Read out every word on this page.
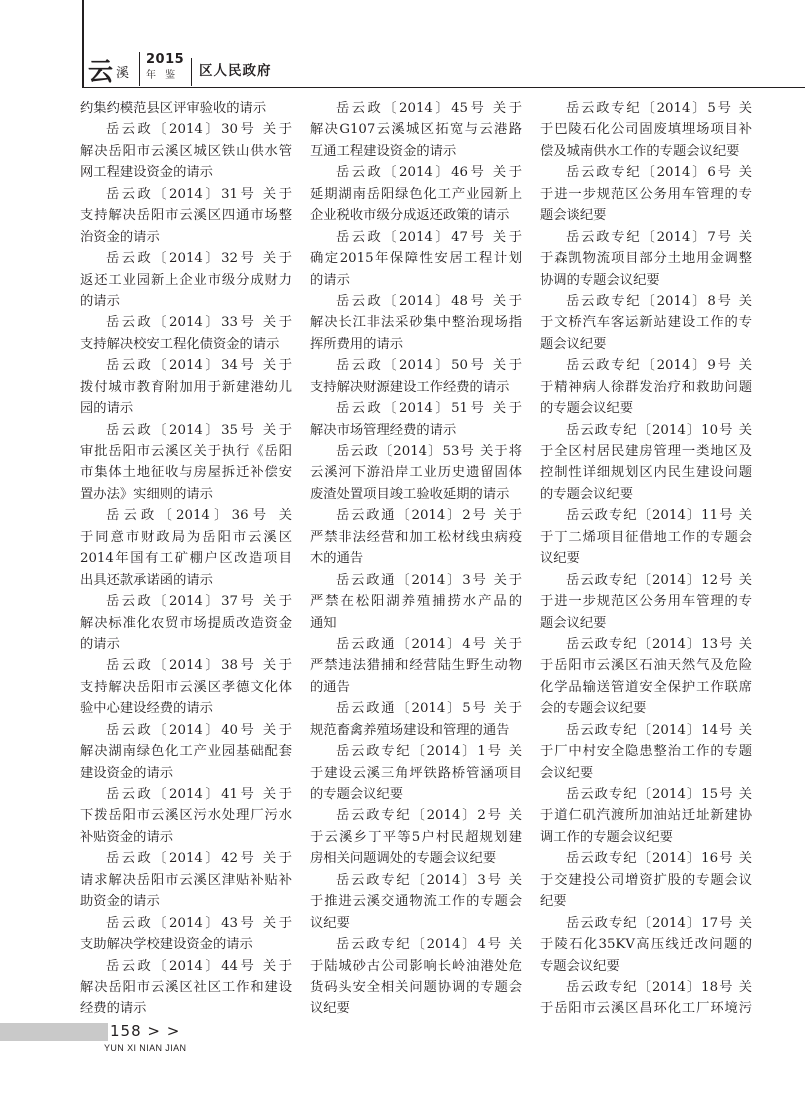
云 溪
2015
年 鉴 区人民政府
约集约模范县区评审验收的请示
岳云政〔2014〕30号 关于
解决岳阳市云溪区城区铁山供水管
网工程建设资金的请示
岳云政〔2014〕31号 关于
支持解决岳阳市云溪区四通市场整
治资金的请示
岳云政〔2014〕32号 关于
返还工业园新上企业市级分成财力
的请示
岳云政〔2014〕33号 关于
支持解决校安工程化债资金的请示
岳云政〔2014〕34号 关于
拨付城市教育附加用于新建港幼儿
园的请示
岳云政〔2014〕35号 关于
审批岳阳市云溪区关于执行《岳阳
市集体土地征收与房屋拆迁补偿安
置办法》实细则的请示
岳云政〔2014〕36号 关
于同意市财政局为岳阳市云溪区
2014年国有工矿棚户区改造项目
出具还款承诺函的请示
岳云政〔2014〕37号 关于
解决标准化农贸市场提质改造资金
的请示
岳云政〔2014〕38号 关于
支持解决岳阳市云溪区孝德文化体
验中心建设经费的请示
岳云政〔2014〕40号 关于
解决湖南绿色化工产业园基础配套
建设资金的请示
岳云政〔2014〕41号 关于
下拨岳阳市云溪区污水处理厂污水
补贴资金的请示
岳云政〔2014〕42号 关于
请求解决岳阳市云溪区津贴补贴补
助资金的请示
岳云政〔2014〕43号 关于
支助解决学校建设资金的请示
岳云政〔2014〕44号 关于
解决岳阳市云溪区社区工作和建设
经费的请示
岳云政〔2014〕45号 关于
解决G107云溪城区拓宽与云港路
互通工程建设资金的请示
岳云政〔2014〕46号 关于
延期湖南岳阳绿色化工产业园新上
企业税收市级分成返还政策的请示
岳云政〔2014〕47号 关于
确定2015年保障性安居工程计划
的请示
岳云政〔2014〕48号 关于
解决长江非法采砂集中整治现场指
挥所费用的请示
岳云政〔2014〕50号 关于
支持解决财源建设工作经费的请示
岳云政〔2014〕51号 关于
解决市场管理经费的请示
岳云政〔2014〕53号 关于将
云溪河下游沿岸工业历史遗留固体
废渣处置项目竣工验收延期的请示
岳云政通〔2014〕2号 关于
严禁非法经营和加工松材线虫病疫
木的通告
岳云政通〔2014〕3号 关于
严禁在松阳湖养殖捕捞水产品的
通知
岳云政通〔2014〕4号 关于
严禁违法猎捕和经营陆生野生动物
的通告
岳云政通〔2014〕5号 关于
规范畜禽养殖场建设和管理的通告
岳云政专纪〔2014〕1号 关
于建设云溪三角坪铁路桥管涵项目
的专题会议纪要
岳云政专纪〔2014〕2号 关
于云溪乡丁平等5户村民超规划建
房相关问题调处的专题会议纪要
岳云政专纪〔2014〕3号 关
于推进云溪交通物流工作的专题会
议纪要
岳云政专纪〔2014〕4号 关
于陆城砂古公司影响长岭油港处危
货码头安全相关问题协调的专题会
议纪要
岳云政专纪〔2014〕5号 关
于巴陵石化公司固废填埋场项目补
偿及城南供水工作的专题会议纪要
岳云政专纪〔2014〕6号 关
于进一步规范区公务用车管理的专
题会谈纪要
岳云政专纪〔2014〕7号 关
于森凯物流项目部分土地用金调整
协调的专题会议纪要
岳云政专纪〔2014〕8号 关
于文桥汽车客运新站建设工作的专
题会议纪要
岳云政专纪〔2014〕9号 关
于精神病人徐群发治疗和救助问题
的专题会议纪要
岳云政专纪〔2014〕10号 关
于全区村居民建房管理一类地区及
控制性详细规划区内民生建设问题
的专题会议纪要
岳云政专纪〔2014〕11号 关
于丁二烯项目征借地工作的专题会
议纪要
岳云政专纪〔2014〕12号 关
于进一步规范区公务用车管理的专
题会议纪要
岳云政专纪〔2014〕13号 关
于岳阳市云溪区石油天然气及危险
化学品输送管道安全保护工作联席
会的专题会议纪要
岳云政专纪〔2014〕14号 关
于厂中村安全隐患整治工作的专题
会议纪要
岳云政专纪〔2014〕15号 关
于道仁矶汽渡所加油站迁址新建协
调工作的专题会议纪要
岳云政专纪〔2014〕16号 关
于交建投公司增资扩股的专题会议
纪要
岳云政专纪〔2014〕17号 关
于陵石化35KV高压线迁改问题的
专题会议纪要
岳云政专纪〔2014〕18号 关
于岳阳市云溪区昌环化工厂环境污
158 > >
YUN XI NIAN JIAN
